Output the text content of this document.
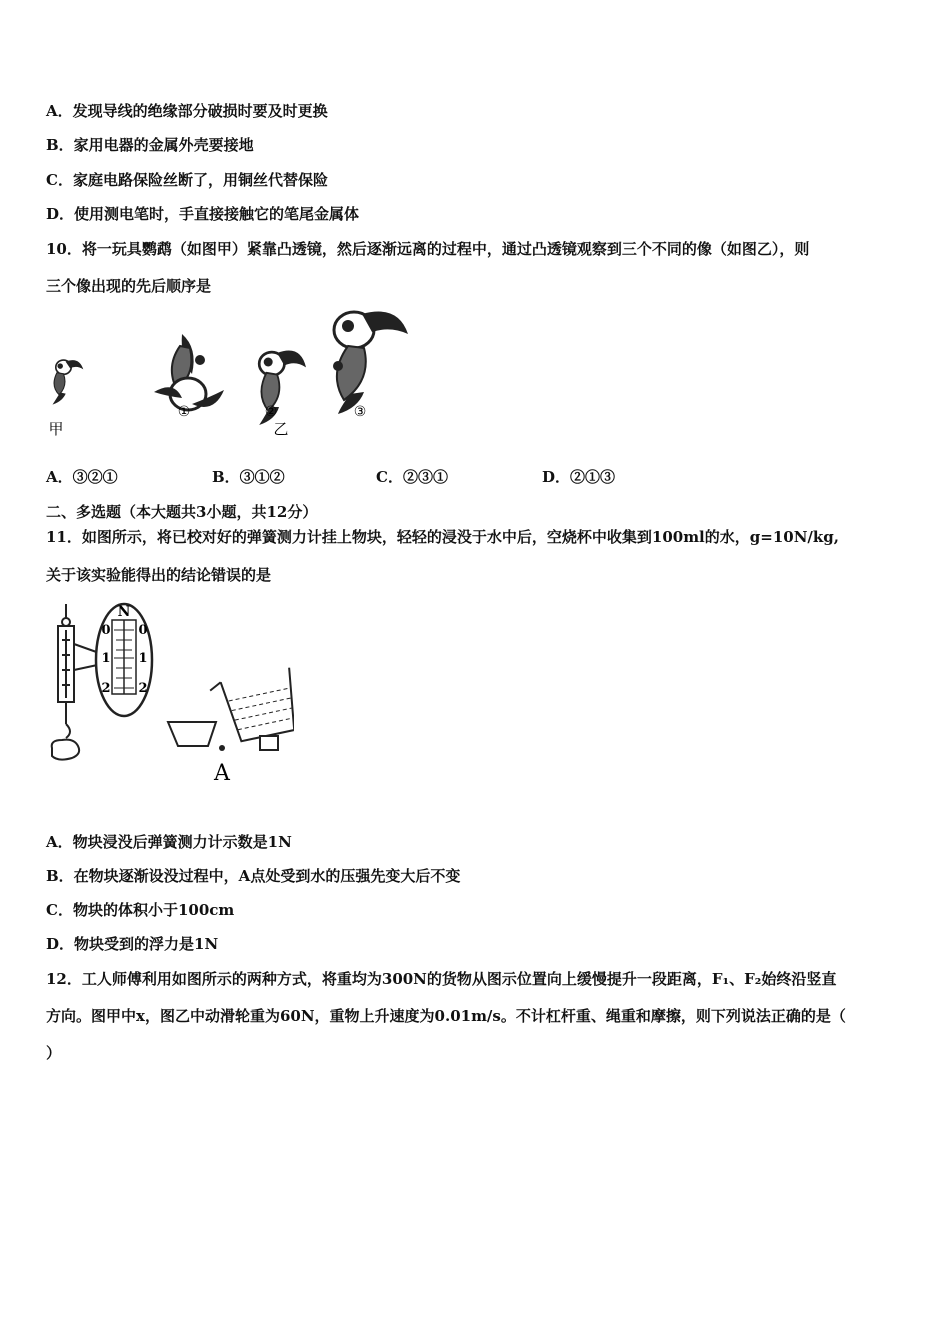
A．发现导线的绝缘部分破损时要及时更换
B．家用电器的金属外壳要接地
C．家庭电路保险丝断了，用铜丝代替保险
D．使用测电笔时，手直接接触它的笔尾金属体
10．将一玩具鹦鹉（如图甲）紧靠凸透镜，然后逐渐远离的过程中，通过凸透镜观察到三个不同的像（如图乙），则
三个像出现的先后顺序是
①	②	③
甲	乙
A．③②①	B．③①②	C．②③①	D．②①③
二、多选题（本大题共3小题，共12分）
11．如图所示，将已校对好的弹簧测力计挂上物块，轻轻的浸没于水中后，空烧杯中收集到100ml的水，g=10N/kg,
关于该实验能得出的结论错误的是
N
0 0
1 1
2 2
A
A．物块浸没后弹簧测力计示数是1N
B．在物块逐渐设没过程中，A点处受到水的压强先变大后不变
C．物块的体积小于100cm
D．物块受到的浮力是1N
12．工人师傅利用如图所示的两种方式，将重均为300N的货物从图示位置向上缓慢提升一段距离，F₁、F₂始终沿竖直
方向。图甲中x，图乙中动滑轮重为60N，重物上升速度为0.01m/s。不计杠杆重、绳重和摩擦，则下列说法正确的是（
）
